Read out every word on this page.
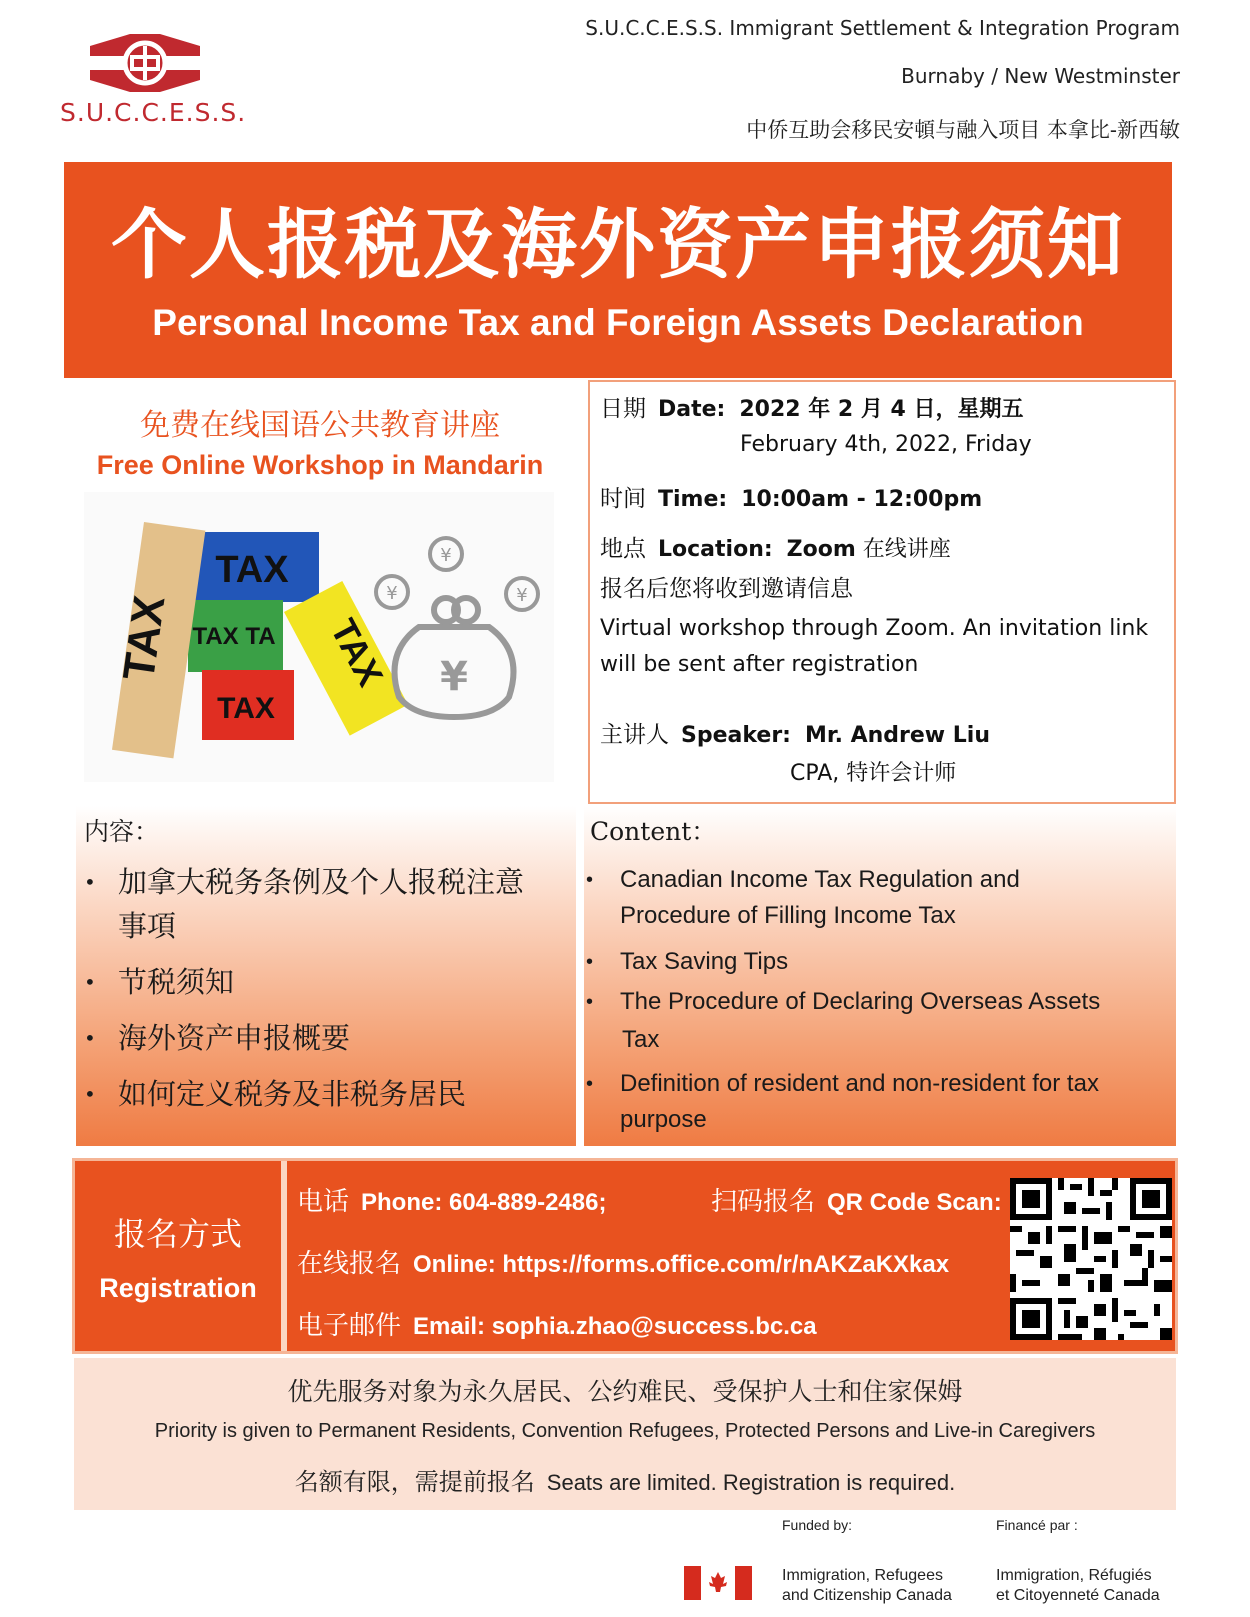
S.U.C.C.E.S.S.
S.U.C.C.E.S.S. Immigrant Settlement & Integration Program
Burnaby / New Westminster
中侨互助会移民安頓与融入项目 本拿比-新西敏
个人报税及海外资产申报须知
Personal Income Tax and Foreign Assets Declaration
免费在线国语公共教育讲座
Free Online Workshop in Mandarin
TAX
TAX TA
TAX
TAX	TAX ¥
¥
¥
¥
日期 Date: 2022 年 2 月 4 日，星期五
February 4th, 2022, Friday
时间 Time: 10:00am - 12:00pm
地点 Location: Zoom 在线讲座
报名后您将收到邀请信息
Virtual workshop through Zoom. An invitation link
will be sent after registration
主讲人 Speaker: Mr. Andrew Liu
CPA, 特许会计师
内容：
• 加拿大税务条例及个人报税注意
事項
• 节税须知
• 海外资产申报概要
• 如何定义税务及非税务居民
Content：
• Canadian Income Tax Regulation and
Procedure of Filling Income Tax
• Tax Saving Tips
• The Procedure of Declaring Overseas Assets
Tax
• Definition of resident and non-resident for tax
purpose
报名方式
Registration
电话 Phone: 604-889-2486;	扫码报名 QR Code Scan:
在线报名 Online: https://forms.office.com/r/nAKZaKXkax
电子邮件 Email: sophia.zhao@success.bc.ca
优先服务对象为永久居民、公约难民、受保护人士和住家保姆
Priority is given to Permanent Residents, Convention Refugees, Protected Persons and Live-in Caregivers
名额有限，需提前报名 Seats are limited. Registration is required.
Funded by:	Financé par :
Immigration, Refugees
and Citizenship Canada
Immigration, Réfugiés
et Citoyenneté Canada
